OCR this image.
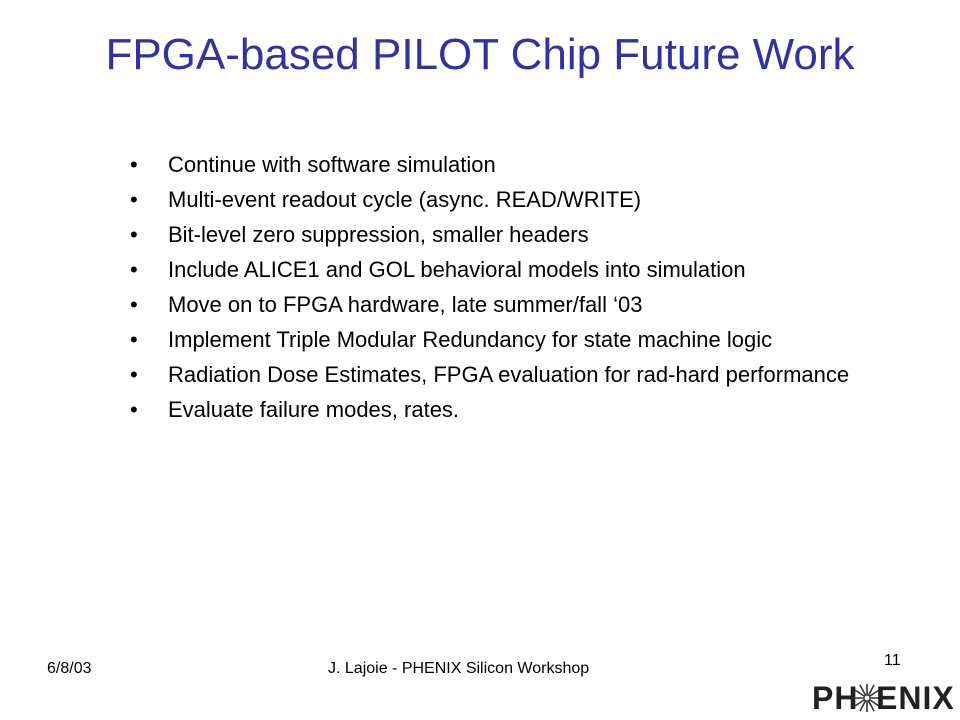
FPGA-based PILOT Chip Future Work
• Continue with software simulation
• Multi-event readout cycle (async. READ/WRITE)
• Bit-level zero suppression, smaller headers
• Include ALICE1 and GOL behavioral models into simulation
• Move on to FPGA hardware, late summer/fall ‘03
• Implement Triple Modular Redundancy for state machine logic
• Radiation Dose Estimates, FPGA evaluation for rad-hard performance
• Evaluate failure modes, rates.
6/8/03	J. Lajoie - PHENIX Silicon Workshop	11
PH ENIX
